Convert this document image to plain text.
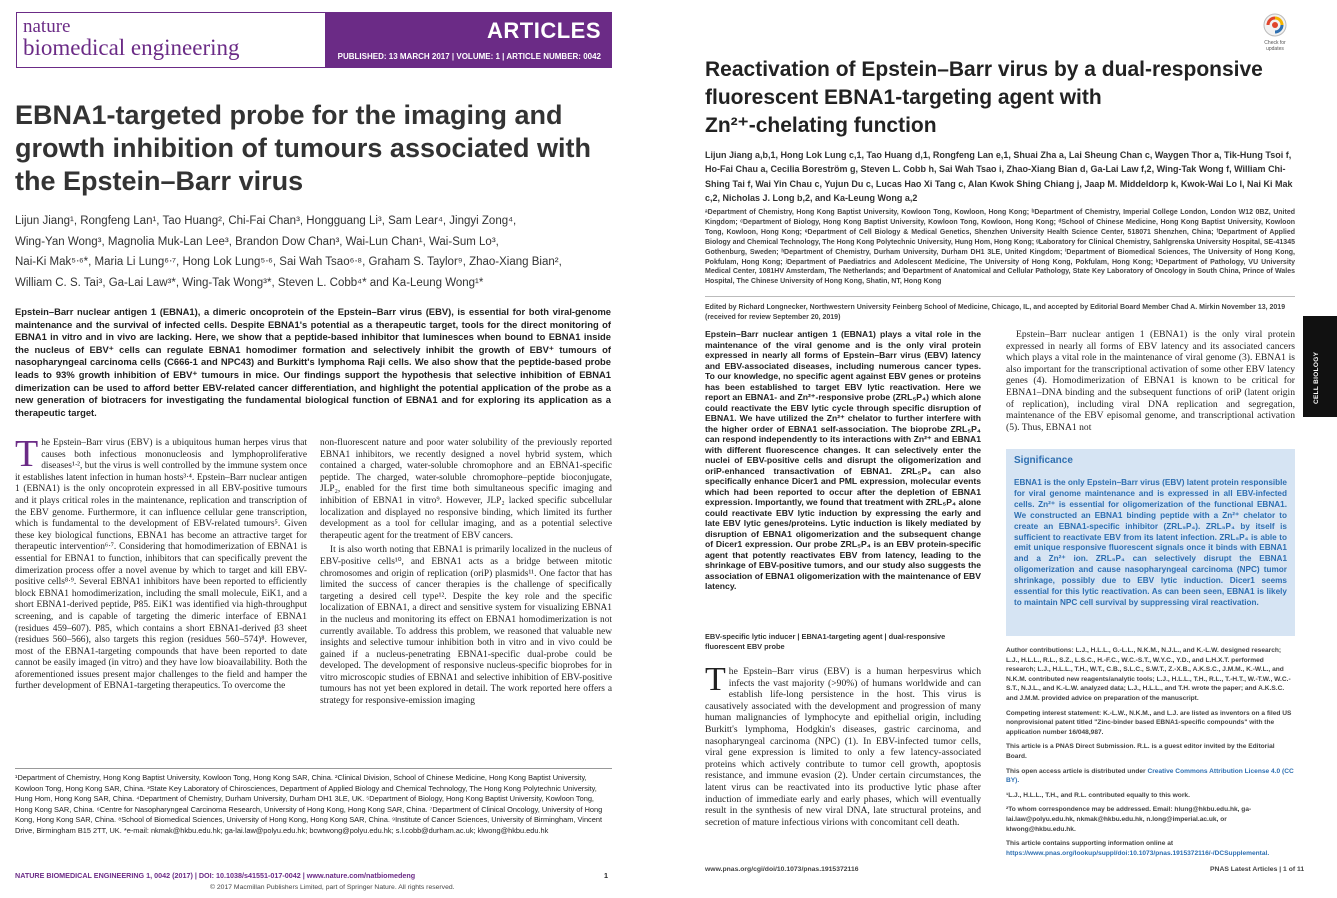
nature
biomedical engineering
ARTICLES
PUBLISHED: 13 MARCH 2017 | VOLUME: 1 | ARTICLE NUMBER: 0042
EBNA1-targeted probe for the imaging and growth inhibition of tumours associated with the Epstein–Barr virus
Lijun Jiang¹, Rongfeng Lan¹, Tao Huang², Chi-Fai Chan³, Hongguang Li³, Sam Lear⁴, Jingyi Zong⁴,
Wing-Yan Wong³, Magnolia Muk-Lan Lee³, Brandon Dow Chan³, Wai-Lun Chan¹, Wai-Sum Lo³,
Nai-Ki Mak⁵ᐧ⁶*, Maria Li Lung⁶ᐧ⁷, Hong Lok Lung⁵ᐧ⁶, Sai Wah Tsao⁶ᐧ⁸, Graham S. Taylor⁹, Zhao-Xiang Bian²,
William C. S. Tai³, Ga-Lai Law³*, Wing-Tak Wong³*, Steven L. Cobb⁴* and Ka-Leung Wong¹*
Epstein–Barr nuclear antigen 1 (EBNA1), a dimeric oncoprotein of the Epstein–Barr virus (EBV), is essential for both viral-genome maintenance and the survival of infected cells. Despite EBNA1's potential as a therapeutic target, tools for the direct monitoring of EBNA1 in vitro and in vivo are lacking. Here, we show that a peptide-based inhibitor that luminesces when bound to EBNA1 inside the nucleus of EBV⁺ cells can regulate EBNA1 homodimer formation and selectively inhibit the growth of EBV⁺ tumours of nasopharyngeal carcinoma cells (C666-1 and NPC43) and Burkitt's lymphoma Raji cells. We also show that the peptide-based probe leads to 93% growth inhibition of EBV⁺ tumours in mice. Our findings support the hypothesis that selective inhibition of EBNA1 dimerization can be used to afford better EBV-related cancer differentiation, and highlight the potential application of the probe as a new generation of biotracers for investigating the fundamental biological function of EBNA1 and for exploring its application as a therapeutic target.
The Epstein–Barr virus (EBV) is a ubiquitous human herpes virus that causes both infectious mononucleosis and lymphoproliferative diseases¹ᐧ², but the virus is well controlled by the immune system once it establishes latent infection in human hosts³ᐧ⁴. Epstein–Barr nuclear antigen 1 (EBNA1) is the only oncoprotein expressed in all EBV-positive tumours and it plays critical roles in the maintenance, replication and transcription of the EBV genome. Furthermore, it can influence cellular gene transcription, which is fundamental to the development of EBV-related tumours⁵. Given these key biological functions, EBNA1 has become an attractive target for therapeutic intervention⁶ᐧ⁷. Considering that homodimerization of EBNA1 is essential for EBNA1 to function, inhibitors that can specifically prevent the dimerization process offer a novel avenue by which to target and kill EBV-positive cells⁸ᐧ⁹. Several EBNA1 inhibitors have been reported to efficiently block EBNA1 homodimerization, including the small molecule, EiK1, and a short EBNA1-derived peptide, P85. EiK1 was identified via high-throughput screening, and is capable of targeting the dimeric interface of EBNA1 (residues 459–607). P85, which contains a short EBNA1-derived β3 sheet (residues 560–566), also targets this region (residues 560–574)⁸. However, most of the EBNA1-targeting compounds that have been reported to date cannot be easily imaged (in vitro) and they have low bioavailability. Both the aforementioned issues present major challenges to the field and hamper the further development of EBNA1-targeting therapeutics. To overcome the

non-fluorescent nature and poor water solubility of the previously reported EBNA1 inhibitors, we recently designed a novel hybrid system, which contained a charged, water-soluble chromophore and an EBNA1-specific peptide. The charged, water-soluble chromophore–peptide bioconjugate, JLP₂, enabled for the first time both simultaneous specific imaging and inhibition of EBNA1 in vitro⁹. However, JLP₂ lacked specific subcellular localization and displayed no responsive binding, which limited its further development as a tool for cellular imaging, and as a potential selective therapeutic agent for the treatment of EBV cancers.

It is also worth noting that EBNA1 is primarily localized in the nucleus of EBV-positive cells¹⁰, and EBNA1 acts as a bridge between mitotic chromosomes and origin of replication (oriP) plasmids¹¹. One factor that has limited the success of cancer therapies is the challenge of specifically targeting a desired cell type¹². Despite the key role and the specific localization of EBNA1, a direct and sensitive system for visualizing EBNA1 in the nucleus and monitoring its effect on EBNA1 homodimerization is not currently available. To address this problem, we reasoned that valuable new insights and selective tumour inhibition both in vitro and in vivo could be gained if a nucleus-penetrating EBNA1-specific dual-probe could be developed. The development of responsive nucleus-specific bioprobes for in vitro microscopic studies of EBNA1 and selective inhibition of EBV-positive tumours has not yet been explored in detail. The work reported here offers a strategy for responsive-emission imaging

¹Department of Chemistry, Hong Kong Baptist University, Kowloon Tong, Hong Kong SAR, China. ²Clinical Division, School of Chinese Medicine, Hong Kong Baptist University, Kowloon Tong, Hong Kong SAR, China. ³State Key Laboratory of Chirosciences, Department of Applied Biology and Chemical Technology, The Hong Kong Polytechnic University, Hung Hom, Hong Kong SAR, China. ⁴Department of Chemistry, Durham University, Durham DH1 3LE, UK. ⁵Department of Biology, Hong Kong Baptist University, Kowloon Tong, Hong Kong SAR, China. ⁶Centre for Nasopharyngeal Carcinoma Research, University of Hong Kong, Hong Kong SAR, China. ⁷Department of Clinical Oncology, University of Hong Kong, Hong Kong SAR, China. ⁸School of Biomedical Sciences, University of Hong Kong, Hong Kong SAR, China. ⁹Institute of Cancer Sciences, University of Birmingham, Vincent Drive, Birmingham B15 2TT, UK. *e-mail: nkmak@hkbu.edu.hk; ga-lai.law@polyu.edu.hk; bcwtwong@polyu.edu.hk; s.l.cobb@durham.ac.uk; klwong@hkbu.edu.hk
NATURE BIOMEDICAL ENGINEERING 1, 0042 (2017) | DOI: 10.1038/s41551-017-0042 | www.nature.com/natbiomedeng	1
© 2017 Macmillan Publishers Limited, part of Springer Nature. All rights reserved.
Reactivation of Epstein–Barr virus by a dual-responsive
fluorescent EBNA1-targeting agent with
Zn²⁺-chelating function
Lijun Jiang a,b,1, Hong Lok Lung c,1, Tao Huang d,1, Rongfeng Lan e,1, Shuai Zha a, Lai Sheung Chan c, Waygen Thor a, Tik-Hung Tsoi f, Ho-Fai Chau a, Cecilia Boreström g, Steven L. Cobb h, Sai Wah Tsao i, Zhao-Xiang Bian d, Ga-Lai Law f,2, Wing-Tak Wong f, William Chi-Shing Tai f, Wai Yin Chau c, Yujun Du c, Lucas Hao Xi Tang c, Alan Kwok Shing Chiang j, Jaap M. Middeldorp k, Kwok-Wai Lo l, Nai Ki Mak c,2, Nicholas J. Long b,2, and Ka-Leung Wong a,2
ᵃDepartment of Chemistry, Hong Kong Baptist University, Kowloon Tong, Kowloon, Hong Kong; ᵇDepartment of Chemistry, Imperial College London, London W12 0BZ, United Kingdom; ᶜDepartment of Biology, Hong Kong Baptist University, Kowloon Tong, Kowloon, Hong Kong; ᵈSchool of Chinese Medicine, Hong Kong Baptist University, Kowloon Tong, Kowloon, Hong Kong; ᵉDepartment of Cell Biology & Medical Genetics, Shenzhen University Health Science Center, 518071 Shenzhen, China; ᶠDepartment of Applied Biology and Chemical Technology, The Hong Kong Polytechnic University, Hung Hom, Hong Kong; ᵍLaboratory for Clinical Chemistry, Sahlgrenska University Hospital, SE-41345 Gothenburg, Sweden; ʰDepartment of Chemistry, Durham University, Durham DH1 3LE, United Kingdom; ⁱDepartment of Biomedical Sciences, The University of Hong Kong, Pokfulam, Hong Kong; ʲDepartment of Paediatrics and Adolescent Medicine, The University of Hong Kong, Pokfulam, Hong Kong; ᵏDepartment of Pathology, VU University Medical Center, 1081HV Amsterdam, The Netherlands; and ˡDepartment of Anatomical and Cellular Pathology, State Key Laboratory of Oncology in South China, Prince of Wales Hospital, The Chinese University of Hong Kong, Shatin, NT, Hong Kong
Edited by Richard Longnecker, Northwestern University Feinberg School of Medicine, Chicago, IL, and accepted by Editorial Board Member Chad A. Mirkin November 13, 2019 (received for review September 20, 2019)
Epstein–Barr nuclear antigen 1 (EBNA1) plays a vital role in the maintenance of the viral genome and is the only viral protein expressed in nearly all forms of Epstein–Barr virus (EBV) latency and EBV-associated diseases, including numerous cancer types. To our knowledge, no specific agent against EBV genes or proteins has been established to target EBV lytic reactivation. Here we report an EBNA1- and Zn²⁺-responsive probe (ZRL₅P₄) which alone could reactivate the EBV lytic cycle through specific disruption of EBNA1. We have utilized the Zn²⁺ chelator to further interfere with the higher order of EBNA1 self-association. The bioprobe ZRL₅P₄ can respond independently to its interactions with Zn²⁺ and EBNA1 with different fluorescence changes. It can selectively enter the nuclei of EBV-positive cells and disrupt the oligomerization and oriP-enhanced transactivation of EBNA1. ZRL₅P₄ can also specifically enhance Dicer1 and PML expression, molecular events which had been reported to occur after the depletion of EBNA1 expression. Importantly, we found that treatment with ZRL₅P₄ alone could reactivate EBV lytic induction by expressing the early and late EBV lytic genes/proteins. Lytic induction is likely mediated by disruption of EBNA1 oligomerization and the subsequent change of Dicer1 expression. Our probe ZRL₅P₄ is an EBV protein-specific agent that potently reactivates EBV from latency, leading to the shrinkage of EBV-positive tumors, and our study also suggests the association of EBNA1 oligomerization with the maintenance of EBV latency.
EBV-specific lytic inducer | EBNA1-targeting agent | dual-responsive fluorescent EBV probe
The Epstein–Barr virus (EBV) is a human herpesvirus which infects the vast majority (>90%) of humans worldwide and can establish life-long persistence in the host. This virus is causatively associated with the development and progression of many human malignancies of lymphocyte and epithelial origin, including Burkitt's lymphoma, Hodgkin's diseases, gastric carcinoma, and nasopharyngeal carcinoma (NPC) (1). In EBV-infected tumor cells, viral gene expression is limited to only a few latency-associated proteins which actively contribute to tumor cell growth, apoptosis resistance, and immune evasion (2). Under certain circumstances, the latent virus can be reactivated into its productive lytic phase after induction of immediate early and early phases, which will eventually result in the synthesis of new viral DNA, late structural proteins, and secretion of mature infectious virions with concomitant cell death.
Epstein–Barr nuclear antigen 1 (EBNA1) is the only viral protein expressed in nearly all forms of EBV latency and its associated cancers which plays a vital role in the maintenance of viral genome (3). EBNA1 is also important for the transcriptional activation of some other EBV latency genes (4). Homodimerization of EBNA1 is known to be critical for EBNA1–DNA binding and the subsequent functions of oriP (latent origin of replication), including viral DNA replication and segregation, maintenance of the EBV episomal genome, and transcriptional activation (5). Thus, EBNA1 not
Significance
EBNA1 is the only Epstein–Barr virus (EBV) latent protein responsible for viral genome maintenance and is expressed in all EBV-infected cells. Zn²⁺ is essential for oligomerization of the functional EBNA1. We constructed an EBNA1 binding peptide with a Zn²⁺ chelator to create an EBNA1-specific inhibitor (ZRL₅P₄). ZRL₅P₄ by itself is sufficient to reactivate EBV from its latent infection. ZRL₅P₄ is able to emit unique responsive fluorescent signals once it binds with EBNA1 and a Zn²⁺ ion. ZRL₅P₄ can selectively disrupt the EBNA1 oligomerization and cause nasopharyngeal carcinoma (NPC) tumor shrinkage, possibly due to EBV lytic induction. Dicer1 seems essential for this lytic reactivation. As can been seen, EBNA1 is likely to maintain NPC cell survival by suppressing viral reactivation.

Author contributions: L.J., H.L.L., G.-L.L., N.K.M., N.J.L., and K.-L.W. designed research; L.J., H.L.L., R.L., S.Z., L.S.C., H.-F.C., W.C.-S.T., W.Y.C., Y.D., and L.H.X.T. performed research; L.J., H.L.L., T.H., W.T., C.B., S.L.C., S.W.T., Z.-X.B., A.K.S.C., J.M.M., K.-W.L., and N.K.M. contributed new reagents/analytic tools; L.J., H.L.L., T.H., R.L., T.-H.T., W.-T.W., W.C.-S.T., N.J.L., and K.-L.W. analyzed data; L.J., H.L.L., and T.H. wrote the paper; and A.K.S.C. and J.M.M. provided advice on preparation of the manuscript.

Competing interest statement: K.-L.W., N.K.M., and L.J. are listed as inventors on a filed US nonprovisional patent titled "Zinc-binder based EBNA1-specific compounds" with the application number 16/048,987.

This article is a PNAS Direct Submission. R.L. is a guest editor invited by the Editorial Board.

This open access article is distributed under Creative Commons Attribution License 4.0 (CC BY).

¹L.J., H.L.L., T.H., and R.L. contributed equally to this work.

²To whom correspondence may be addressed. Email: hlung@hkbu.edu.hk, ga-lai.law@polyu.edu.hk, nkmak@hkbu.edu.hk, n.long@imperial.ac.uk, or klwong@hkbu.edu.hk.

This article contains supporting information online at https://www.pnas.org/lookup/suppl/doi:10.1073/pnas.1915372116/-/DCSupplemental.

www.pnas.org/cgi/doi/10.1073/pnas.1915372116	PNAS Latest Articles | 1 of 11
Check for updates
CELL BIOLOGY
